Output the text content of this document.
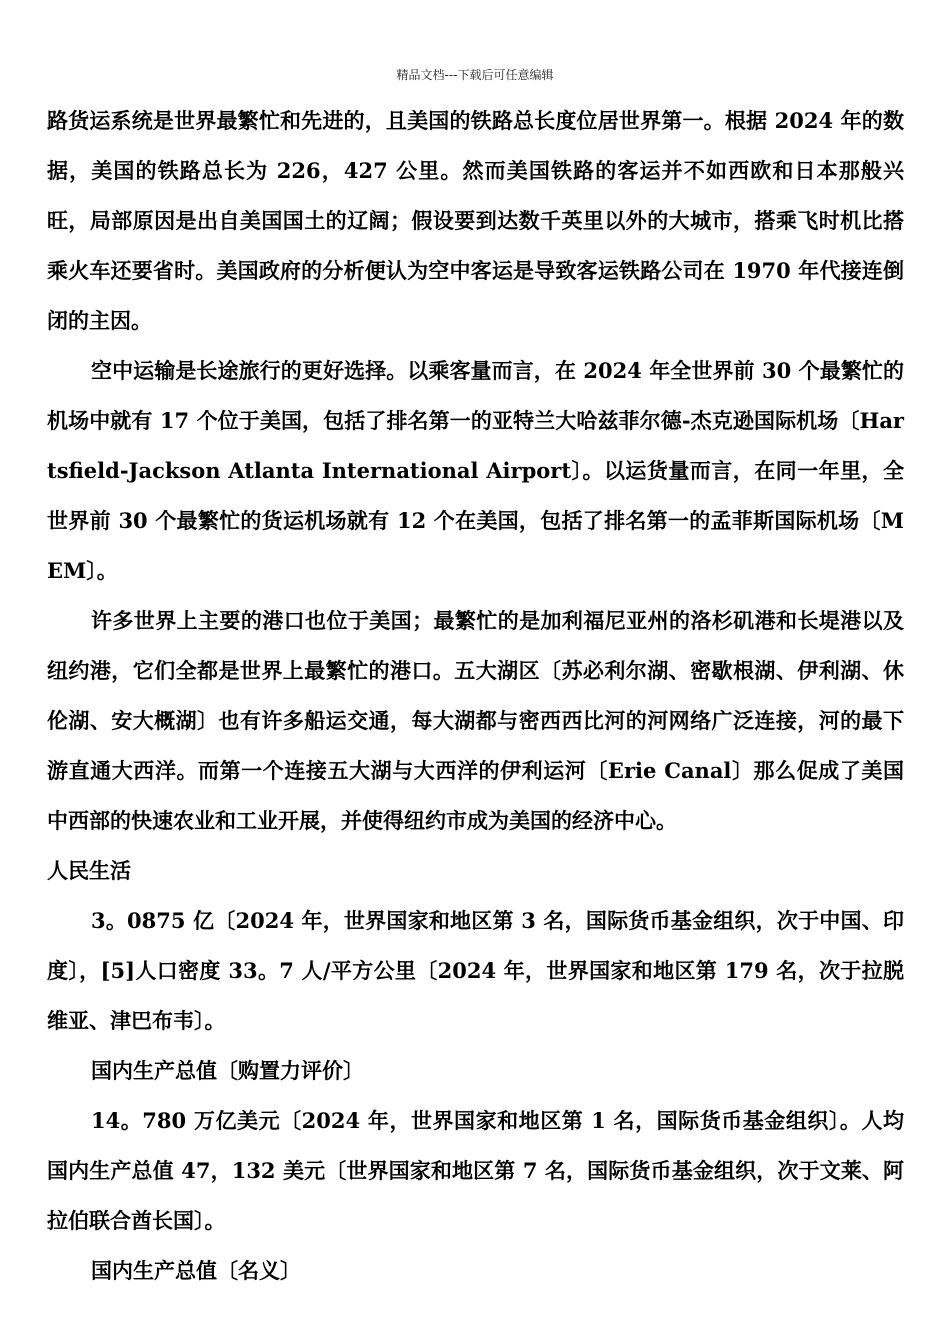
精品文档---下载后可任意编辑

路货运系统是世界最繁忙和先进的，且美国的铁路总长度位居世界第一。根据 2024 年的数据，美国的铁路总长为 226，427 公里。然而美国铁路的客运并不如西欧和日本那般兴旺，局部原因是出自美国国土的辽阔；假设要到达数千英里以外的大城市，搭乘飞时机比搭乘火车还要省时。美国政府的分析便认为空中客运是导致客运铁路公司在 1970 年代接连倒闭的主因。

空中运输是长途旅行的更好选择。以乘客量而言，在 2024 年全世界前 30 个最繁忙的机场中就有 17 个位于美国，包括了排名第一的亚特兰大哈兹菲尔德-杰克逊国际机场〔Hartsfield-Jackson Atlanta International Airport〕。以运货量而言，在同一年里，全世界前 30 个最繁忙的货运机场就有 12 个在美国，包括了排名第一的孟菲斯国际机场〔MEM〕。

许多世界上主要的港口也位于美国；最繁忙的是加利福尼亚州的洛杉矶港和长堤港以及纽约港，它们全都是世界上最繁忙的港口。五大湖区〔苏必利尔湖、密歇根湖、伊利湖、休伦湖、安大概湖〕也有许多船运交通，每大湖都与密西西比河的河网络广泛连接，河的最下游直通大西洋。而第一个连接五大湖与大西洋的伊利运河〔Erie Canal〕那么促成了美国中西部的快速农业和工业开展，并使得纽约市成为美国的经济中心。

人民生活

3。0875 亿〔2024 年，世界国家和地区第 3 名，国际货币基金组织，次于中国、印度〕，[5]人口密度 33。7 人/平方公里〔2024 年，世界国家和地区第 179 名，次于拉脱维亚、津巴布韦〕。

国内生产总值〔购置力评价〕

14。780 万亿美元〔2024 年，世界国家和地区第 1 名，国际货币基金组织〕。人均国内生产总值 47，132 美元〔世界国家和地区第 7 名，国际货币基金组织，次于文莱、阿拉伯联合酋长国〕。

国内生产总值〔名义〕
